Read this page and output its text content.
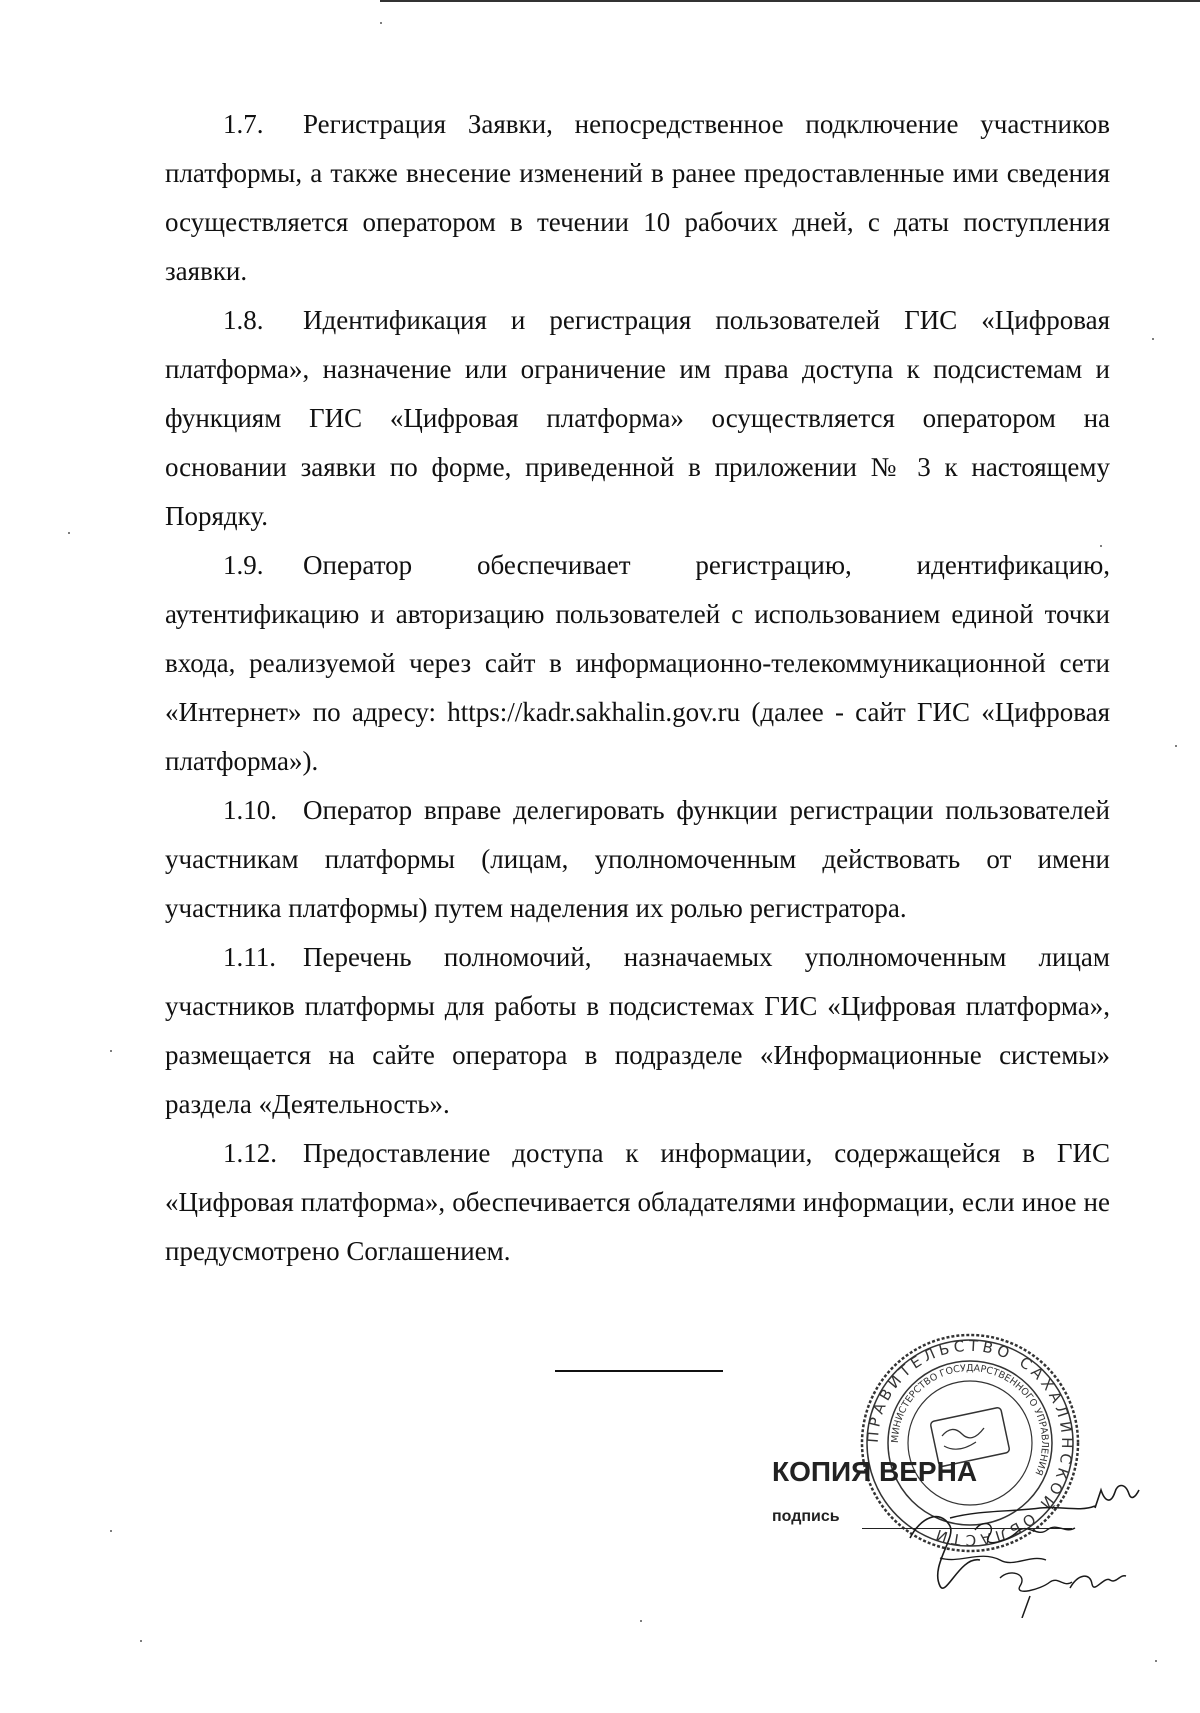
1.7. Регистрация Заявки, непосредственное подключение участников платформы, а также внесение изменений в ранее предоставленные ими сведения осуществляется оператором в течении 10 рабочих дней, с даты поступления заявки.

1.8. Идентификация и регистрация пользователей ГИС «Цифровая платформа», назначение или ограничение им права доступа к подсистемам и функциям ГИС «Цифровая платформа» осуществляется оператором на основании заявки по форме, приведенной в приложении № 3 к настоящему Порядку.

1.9. Оператор обеспечивает регистрацию, идентификацию, аутентификацию и авторизацию пользователей с использованием единой точки входа, реализуемой через сайт в информационно-телекоммуникационной сети «Интернет» по адресу: https://kadr.sakhalin.gov.ru (далее - сайт ГИС «Цифровая платформа»).

1.10. Оператор вправе делегировать функции регистрации пользователей участникам платформы (лицам, уполномоченным действовать от имени участника платформы) путем наделения их ролью регистратора.

1.11. Перечень полномочий, назначаемых уполномоченным лицам участников платформы для работы в подсистемах ГИС «Цифровая платформа», размещается на сайте оператора в подразделе «Информационные системы» раздела «Деятельность».

1.12. Предоставление доступа к информации, содержащейся в ГИС «Цифровая платформа», обеспечивается обладателями информации, если иное не предусмотрено Соглашением.

ПРАВИТЕЛЬСТВО САХАЛИНСКОЙ ОБЛАСТИ
МИНИСТЕРСТВО ГОСУДАРСТВЕННОГО УПРАВЛЕНИЯ
КОПИЯ ВЕРНА
подпись
